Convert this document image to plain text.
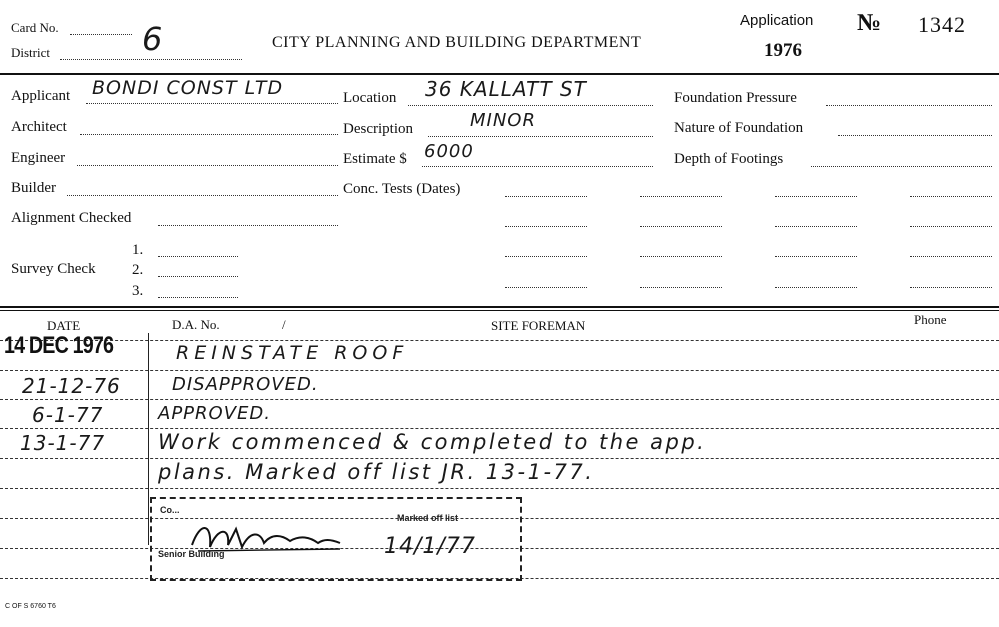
Card No.
District	6	CITY PLANNING AND BUILDING DEPARTMENT
Application
1976
№ 1342
Applicant BONDI CONST LTD
Architect
Engineer
Builder
Alignment Checked
Survey Check
1.
2.
3.
Location 36 KALLATT ST
Description	MINOR
Estimate $ 6000
Conc. Tests (Dates)
Foundation Pressure
Nature of Foundation
Depth of Footings
DATE	D.A. No.	/	SITE FOREMAN	Phone
14 DEC 1976	REINSTATE ROOF
21-12-76	DISAPPROVED.
6-1-77	APPROVED.
13-1-77	Work commenced & completed to the app.
plans. Marked off list JR. 13-1-77.
Co...
Marked off list
Senior Building	14/1/77
C OF S 6760 T6
